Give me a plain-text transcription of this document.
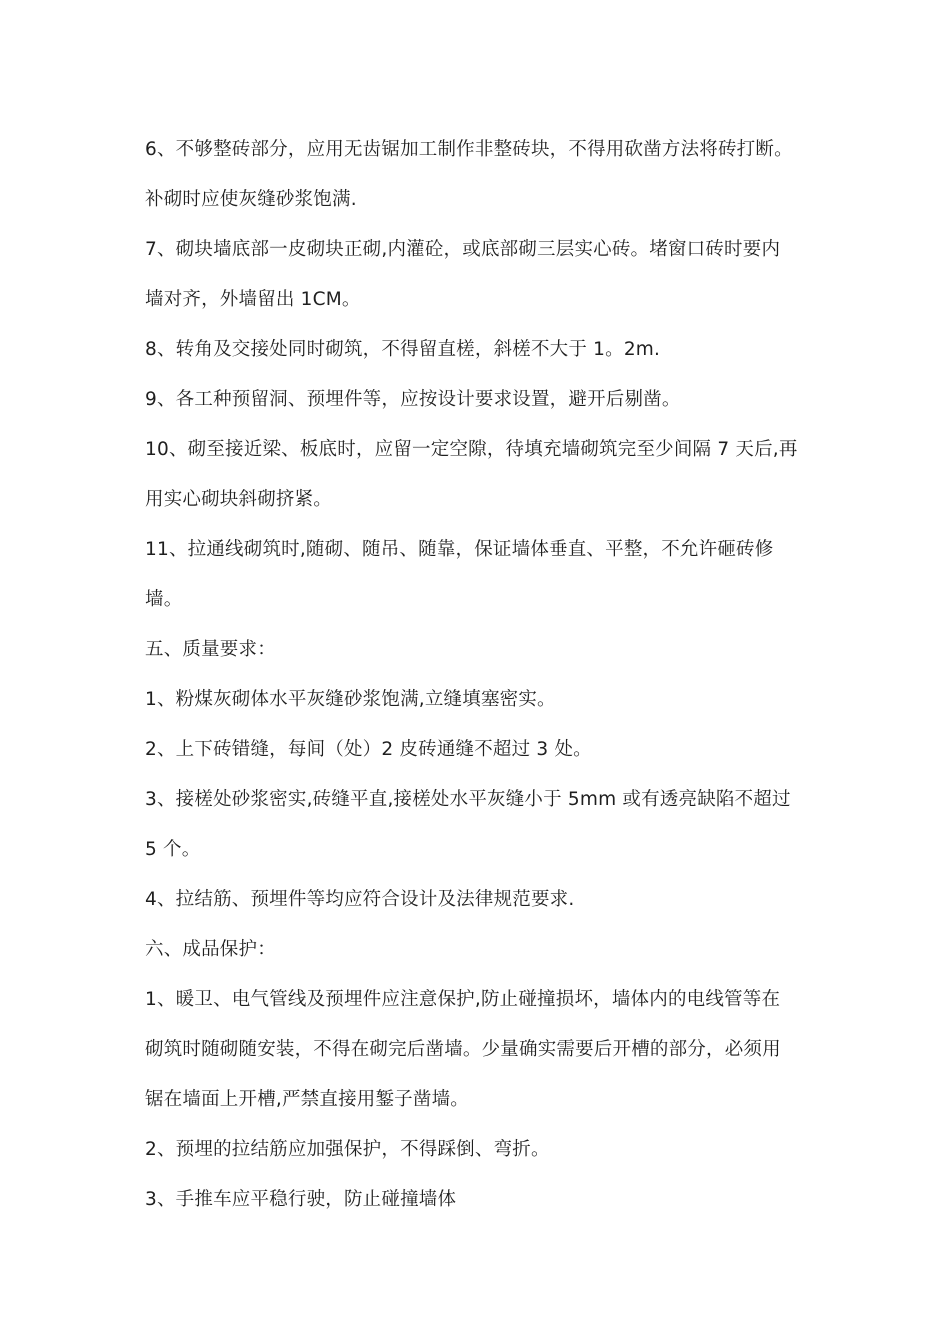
6、不够整砖部分，应用无齿锯加工制作非整砖块，不得用砍凿方法将砖打断。
补砌时应使灰缝砂浆饱满.
7、砌块墙底部一皮砌块正砌,内灌砼，或底部砌三层实心砖。堵窗口砖时要内
墙对齐，外墙留出 1CM。
8、转角及交接处同时砌筑，不得留直槎，斜槎不大于 1。2m.
9、各工种预留洞、预埋件等，应按设计要求设置，避开后剔凿。
10、砌至接近梁、板底时，应留一定空隙，待填充墙砌筑完至少间隔 7 天后,再
用实心砌块斜砌挤紧。
11、拉通线砌筑时,随砌、随吊、随靠，保证墙体垂直、平整，不允许砸砖修
墙。
五、质量要求：
1、粉煤灰砌体水平灰缝砂浆饱满,立缝填塞密实。
2、上下砖错缝，每间（处）2 皮砖通缝不超过 3 处。
3、接槎处砂浆密实,砖缝平直,接槎处水平灰缝小于 5mm 或有透亮缺陷不超过
5 个。
4、拉结筋、预埋件等均应符合设计及法律规范要求.
六、成品保护：
1、暖卫、电气管线及预埋件应注意保护,防止碰撞损坏，墙体内的电线管等在
砌筑时随砌随安装，不得在砌完后凿墙。少量确实需要后开槽的部分，必须用
锯在墙面上开槽,严禁直接用錾子凿墙。
2、预埋的拉结筋应加强保护，不得踩倒、弯折。
3、手推车应平稳行驶，防止碰撞墙体
